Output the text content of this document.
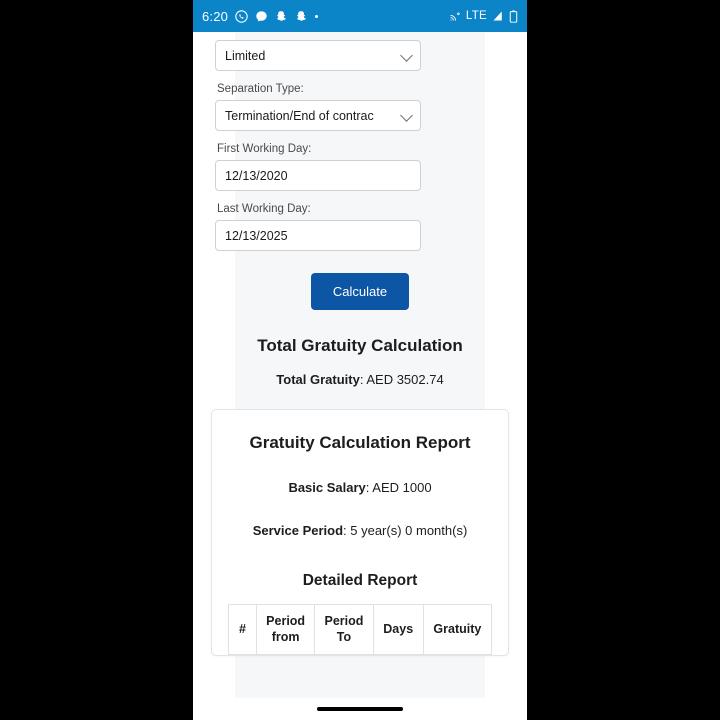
6:20	LTE
Limited
Separation Type:
Termination/End of contrac
First Working Day:
12/13/2020
Last Working Day:
12/13/2025
Calculate
Total Gratuity Calculation
Total Gratuity: AED 3502.74
Gratuity Calculation Report
Basic Salary: AED 1000
Service Period: 5 year(s) 0 month(s)
Detailed Report
#	Period from	Period To	Days	Gratuity
